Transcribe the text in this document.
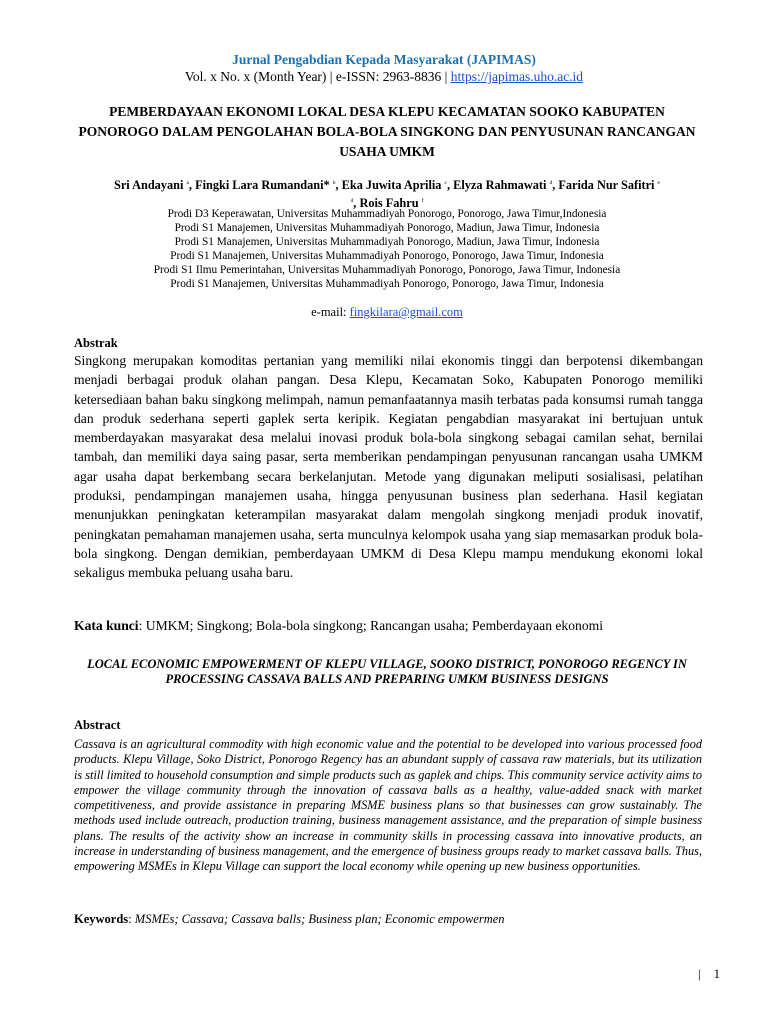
Jurnal Pengabdian Kepada Masyarakat (JAPIMAS)
Vol. x No. x (Month Year) | e-ISSN: 2963-8836 | https://japimas.uho.ac.id
PEMBERDAYAAN EKONOMI LOKAL DESA KLEPU KECAMATAN SOOKO KABUPATEN PONOROGO DALAM PENGOLAHAN BOLA-BOLA SINGKONG DAN PENYUSUNAN RANCANGAN USAHA UMKM
Sri Andayani $^a$, Fingki Lara Rumandani* $^b$, Eka Juwita Aprilia $^c$, Elyza Rahmawati $^d$, Farida Nur Safitri $^e$
$^d$, Rois Fahru $^f$
Prodi D3 Keperawatan, Universitas Muhammadiyah Ponorogo, Ponorogo, Jawa Timur,Indonesia
Prodi S1 Manajemen, Universitas Muhammadiyah Ponorogo, Madiun, Jawa Timur, Indonesia
Prodi S1 Manajemen, Universitas Muhammadiyah Ponorogo, Madiun, Jawa Timur, Indonesia
Prodi S1 Manajemen, Universitas Muhammadiyah Ponorogo, Ponorogo, Jawa Timur, Indonesia
Prodi S1 Ilmu Pemerintahan, Universitas Muhammadiyah Ponorogo, Ponorogo, Jawa Timur, Indonesia
Prodi S1 Manajemen, Universitas Muhammadiyah Ponorogo, Ponorogo, Jawa Timur, Indonesia
e-mail: fingkilara@gmail.com
Abstrak
Singkong merupakan komoditas pertanian yang memiliki nilai ekonomis tinggi dan berpotensi dikembangan menjadi berbagai produk olahan pangan. Desa Klepu, Kecamatan Soko, Kabupaten Ponorogo memiliki ketersediaan bahan baku singkong melimpah, namun pemanfaatannya masih terbatas pada konsumsi rumah tangga dan produk sederhana seperti gaplek serta keripik. Kegiatan pengabdian masyarakat ini bertujuan untuk memberdayakan masyarakat desa melalui inovasi produk bola-bola singkong sebagai camilan sehat, bernilai tambah, dan memiliki daya saing pasar, serta memberikan pendampingan penyusunan rancangan usaha UMKM agar usaha dapat berkembang secara berkelanjutan. Metode yang digunakan meliputi sosialisasi, pelatihan produksi, pendampingan manajemen usaha, hingga penyusunan business plan sederhana. Hasil kegiatan menunjukkan peningkatan keterampilan masyarakat dalam mengolah singkong menjadi produk inovatif, peningkatan pemahaman manajemen usaha, serta munculnya kelompok usaha yang siap memasarkan produk bola-bola singkong. Dengan demikian, pemberdayaan UMKM di Desa Klepu mampu mendukung ekonomi lokal sekaligus membuka peluang usaha baru.
Kata kunci: UMKM; Singkong; Bola-bola singkong; Rancangan usaha; Pemberdayaan ekonomi
LOCAL ECONOMIC EMPOWERMENT OF KLEPU VILLAGE, SOOKO DISTRICT, PONOROGO REGENCY IN PROCESSING CASSAVA BALLS AND PREPARING UMKM BUSINESS DESIGNS
Abstract
Cassava is an agricultural commodity with high economic value and the potential to be developed into various processed food products. Klepu Village, Soko District, Ponorogo Regency has an abundant supply of cassava raw materials, but its utilization is still limited to household consumption and simple products such as gaplek and chips. This community service activity aims to empower the village community through the innovation of cassava balls as a healthy, value-added snack with market competitiveness, and provide assistance in preparing MSME business plans so that businesses can grow sustainably. The methods used include outreach, production training, business management assistance, and the preparation of simple business plans. The results of the activity show an increase in community skills in processing cassava into innovative products, an increase in understanding of business management, and the emergence of business groups ready to market cassava balls. Thus, empowering MSMEs in Klepu Village can support the local economy while opening up new business opportunities.
Keywords: MSMEs; Cassava; Cassava balls; Business plan; Economic empowermen
| 1
